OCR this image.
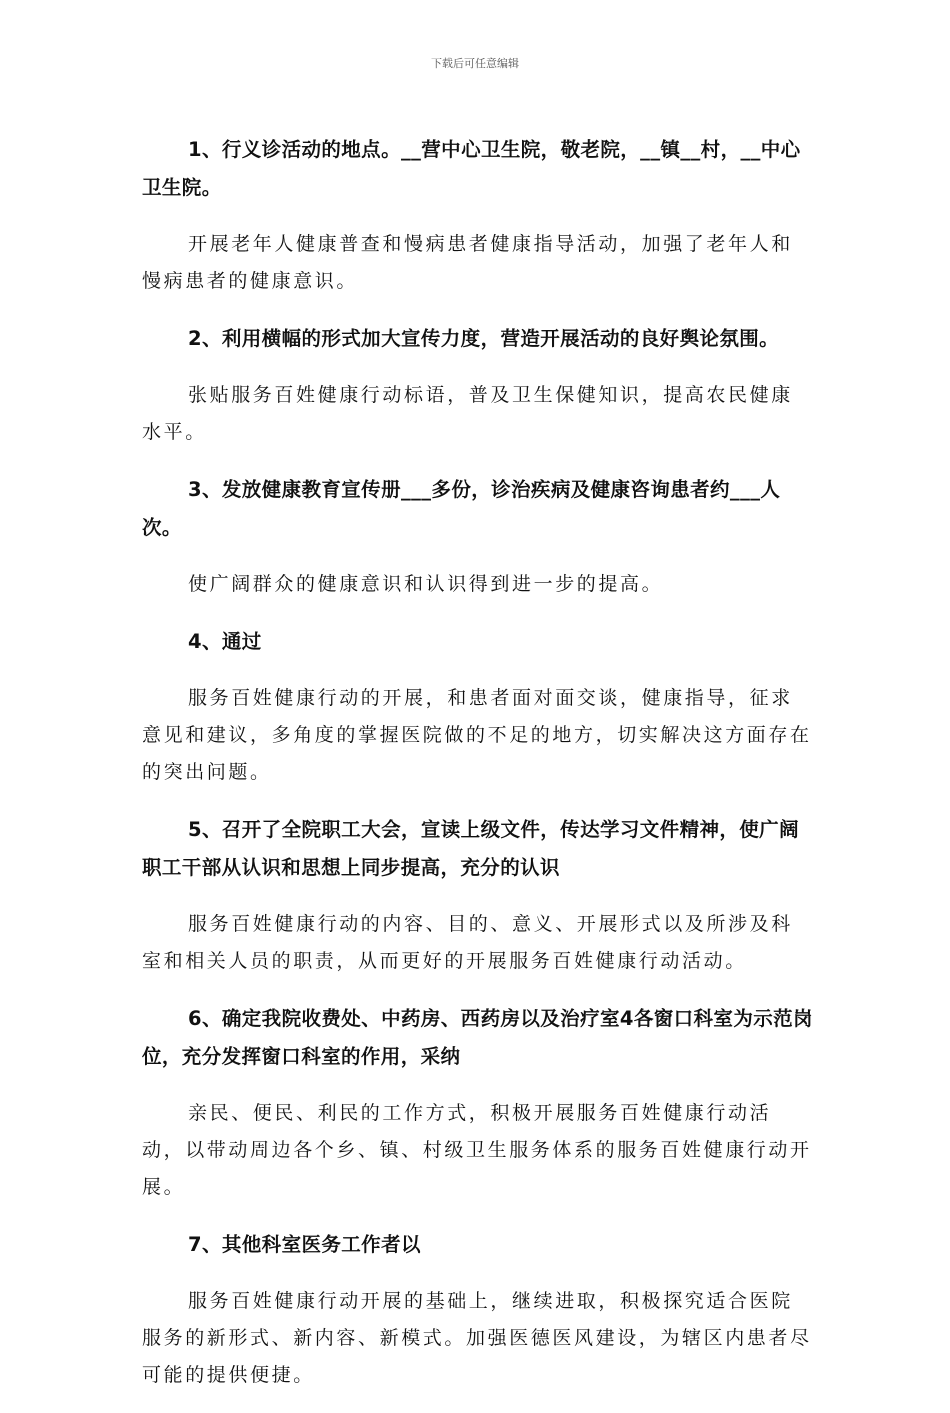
下载后可任意编辑

1、行义诊活动的地点。__营中心卫生院，敬老院，__镇__村，__中心卫生院。

开展老年人健康普查和慢病患者健康指导活动，加强了老年人和慢病患者的健康意识。

2、利用横幅的形式加大宣传力度，营造开展活动的良好舆论氛围。

张贴服务百姓健康行动标语，普及卫生保健知识，提高农民健康水平。

3、发放健康教育宣传册___多份，诊治疾病及健康咨询患者约___人次。

使广阔群众的健康意识和认识得到进一步的提高。

4、通过

服务百姓健康行动的开展，和患者面对面交谈，健康指导，征求意见和建议，多角度的掌握医院做的不足的地方，切实解决这方面存在的突出问题。

5、召开了全院职工大会，宣读上级文件，传达学习文件精神，使广阔职工干部从认识和思想上同步提高，充分的认识

服务百姓健康行动的内容、目的、意义、开展形式以及所涉及科室和相关人员的职责，从而更好的开展服务百姓健康行动活动。

6、确定我院收费处、中药房、西药房以及治疗室4各窗口科室为示范岗位，充分发挥窗口科室的作用，采纳

亲民、便民、利民的工作方式，积极开展服务百姓健康行动活动，以带动周边各个乡、镇、村级卫生服务体系的服务百姓健康行动开展。

7、其他科室医务工作者以

服务百姓健康行动开展的基础上，继续进取，积极探究适合医院服务的新形式、新内容、新模式。加强医德医风建设，为辖区内患者尽可能的提供便捷。
